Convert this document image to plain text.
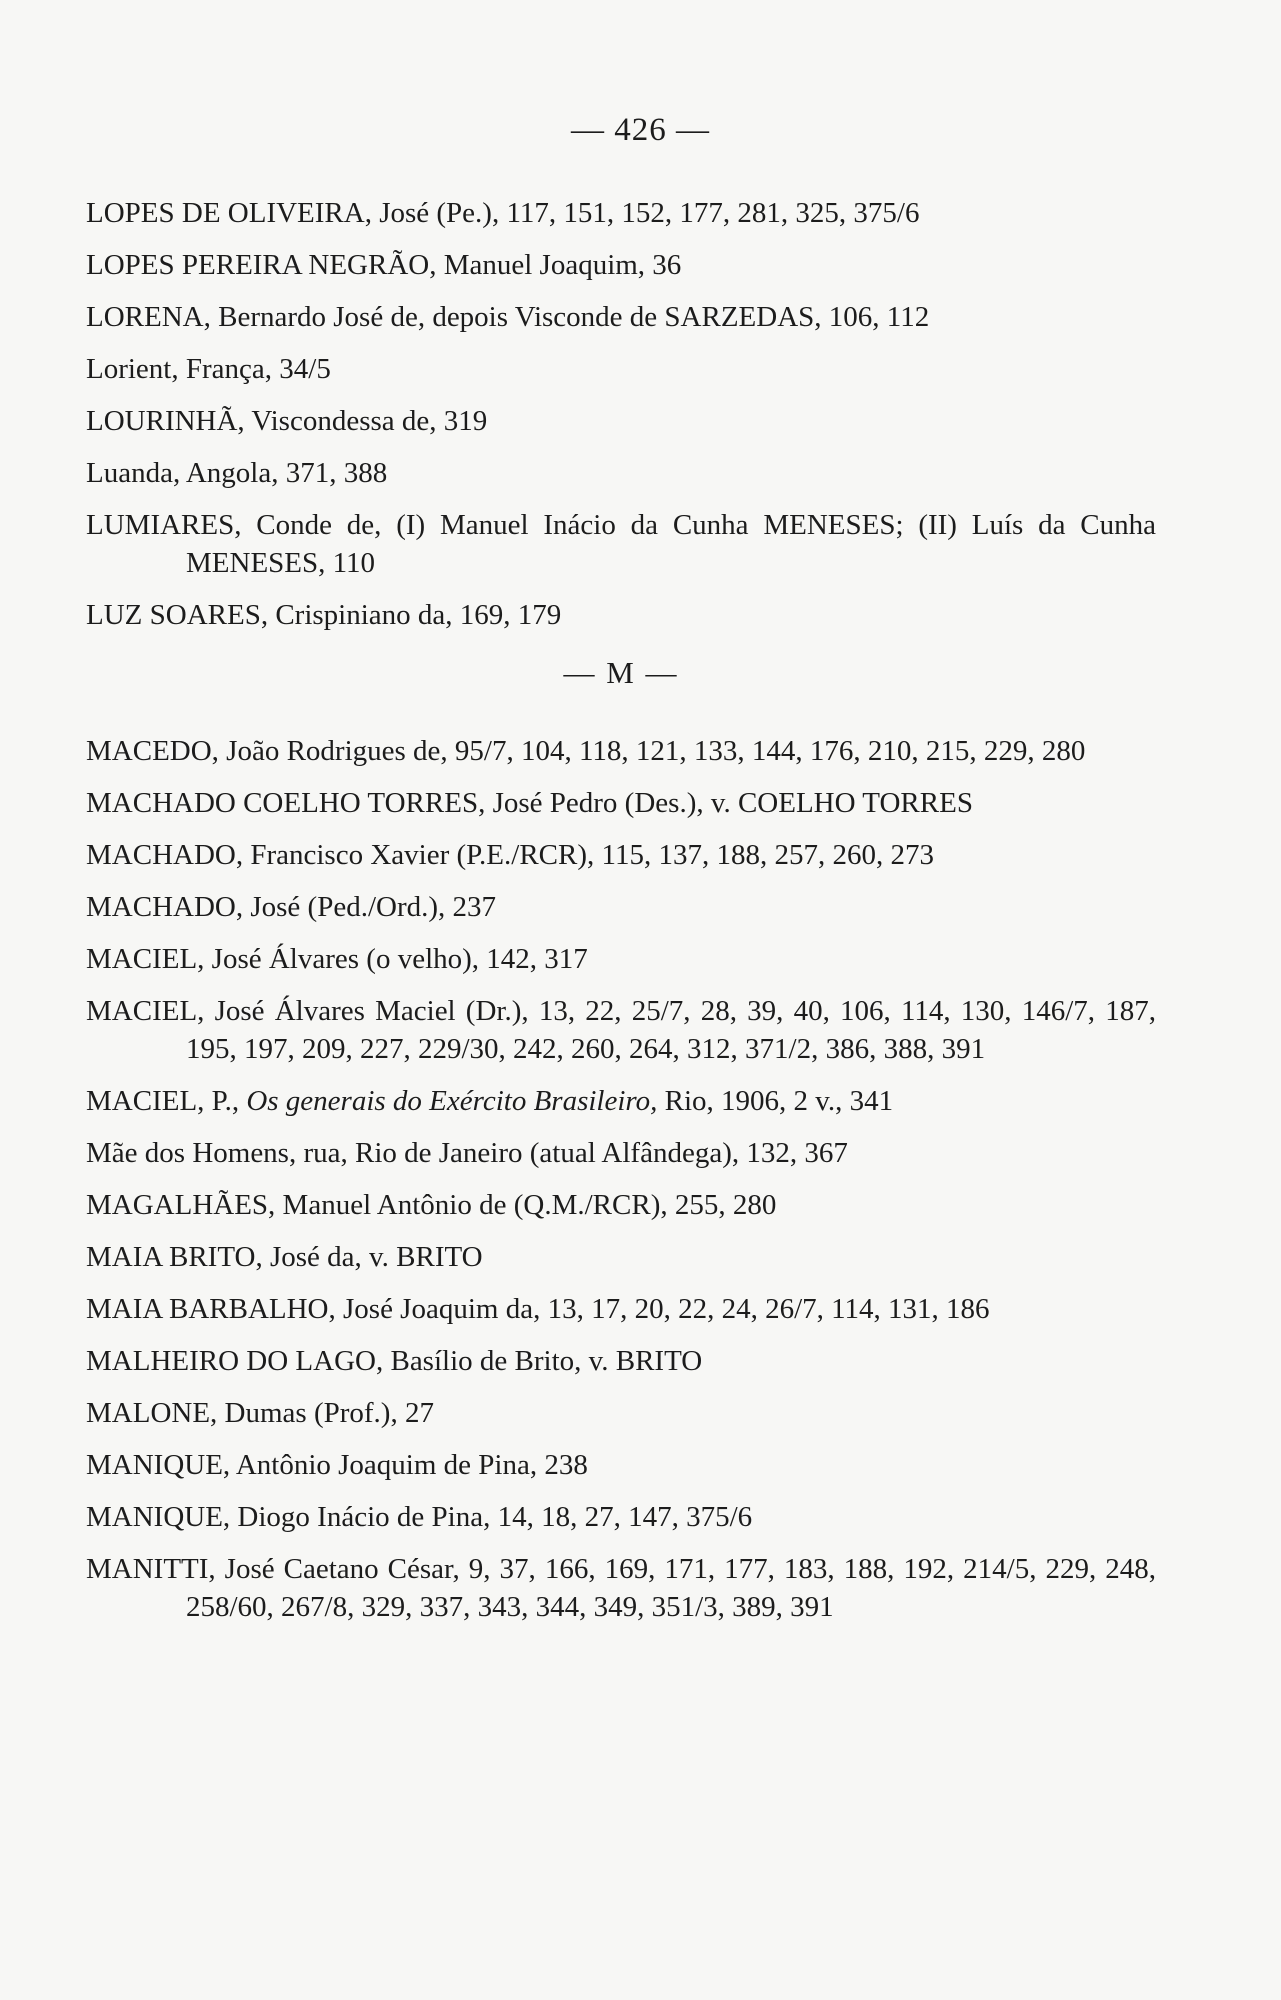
— 426 —
LOPES DE OLIVEIRA, José (Pe.), 117, 151, 152, 177, 281, 325, 375/6
LOPES PEREIRA NEGRÃO, Manuel Joaquim, 36
LORENA, Bernardo José de, depois Visconde de SARZEDAS, 106, 112
Lorient, França, 34/5
LOURINHÃ, Viscondessa de, 319
Luanda, Angola, 371, 388
LUMIARES, Conde de, (I) Manuel Inácio da Cunha MENESES; (II) Luís da Cunha MENESES, 110
LUZ SOARES, Crispiniano da, 169, 179
— M —
MACEDO, João Rodrigues de, 95/7, 104, 118, 121, 133, 144, 176, 210, 215, 229, 280
MACHADO COELHO TORRES, José Pedro (Des.), v. COELHO TORRES
MACHADO, Francisco Xavier (P.E./RCR), 115, 137, 188, 257, 260, 273
MACHADO, José (Ped./Ord.), 237
MACIEL, José Álvares (o velho), 142, 317
MACIEL, José Álvares Maciel (Dr.), 13, 22, 25/7, 28, 39, 40, 106, 114, 130, 146/7, 187, 195, 197, 209, 227, 229/30, 242, 260, 264, 312, 371/2, 386, 388, 391
MACIEL, P., Os generais do Exército Brasileiro, Rio, 1906, 2 v., 341
Mãe dos Homens, rua, Rio de Janeiro (atual Alfândega), 132, 367
MAGALHÃES, Manuel Antônio de (Q.M./RCR), 255, 280
MAIA BRITO, José da, v. BRITO
MAIA BARBALHO, José Joaquim da, 13, 17, 20, 22, 24, 26/7, 114, 131, 186
MALHEIRO DO LAGO, Basílio de Brito, v. BRITO
MALONE, Dumas (Prof.), 27
MANIQUE, Antônio Joaquim de Pina, 238
MANIQUE, Diogo Inácio de Pina, 14, 18, 27, 147, 375/6
MANITTI, José Caetano César, 9, 37, 166, 169, 171, 177, 183, 188, 192, 214/5, 229, 248, 258/60, 267/8, 329, 337, 343, 344, 349, 351/3, 389, 391
